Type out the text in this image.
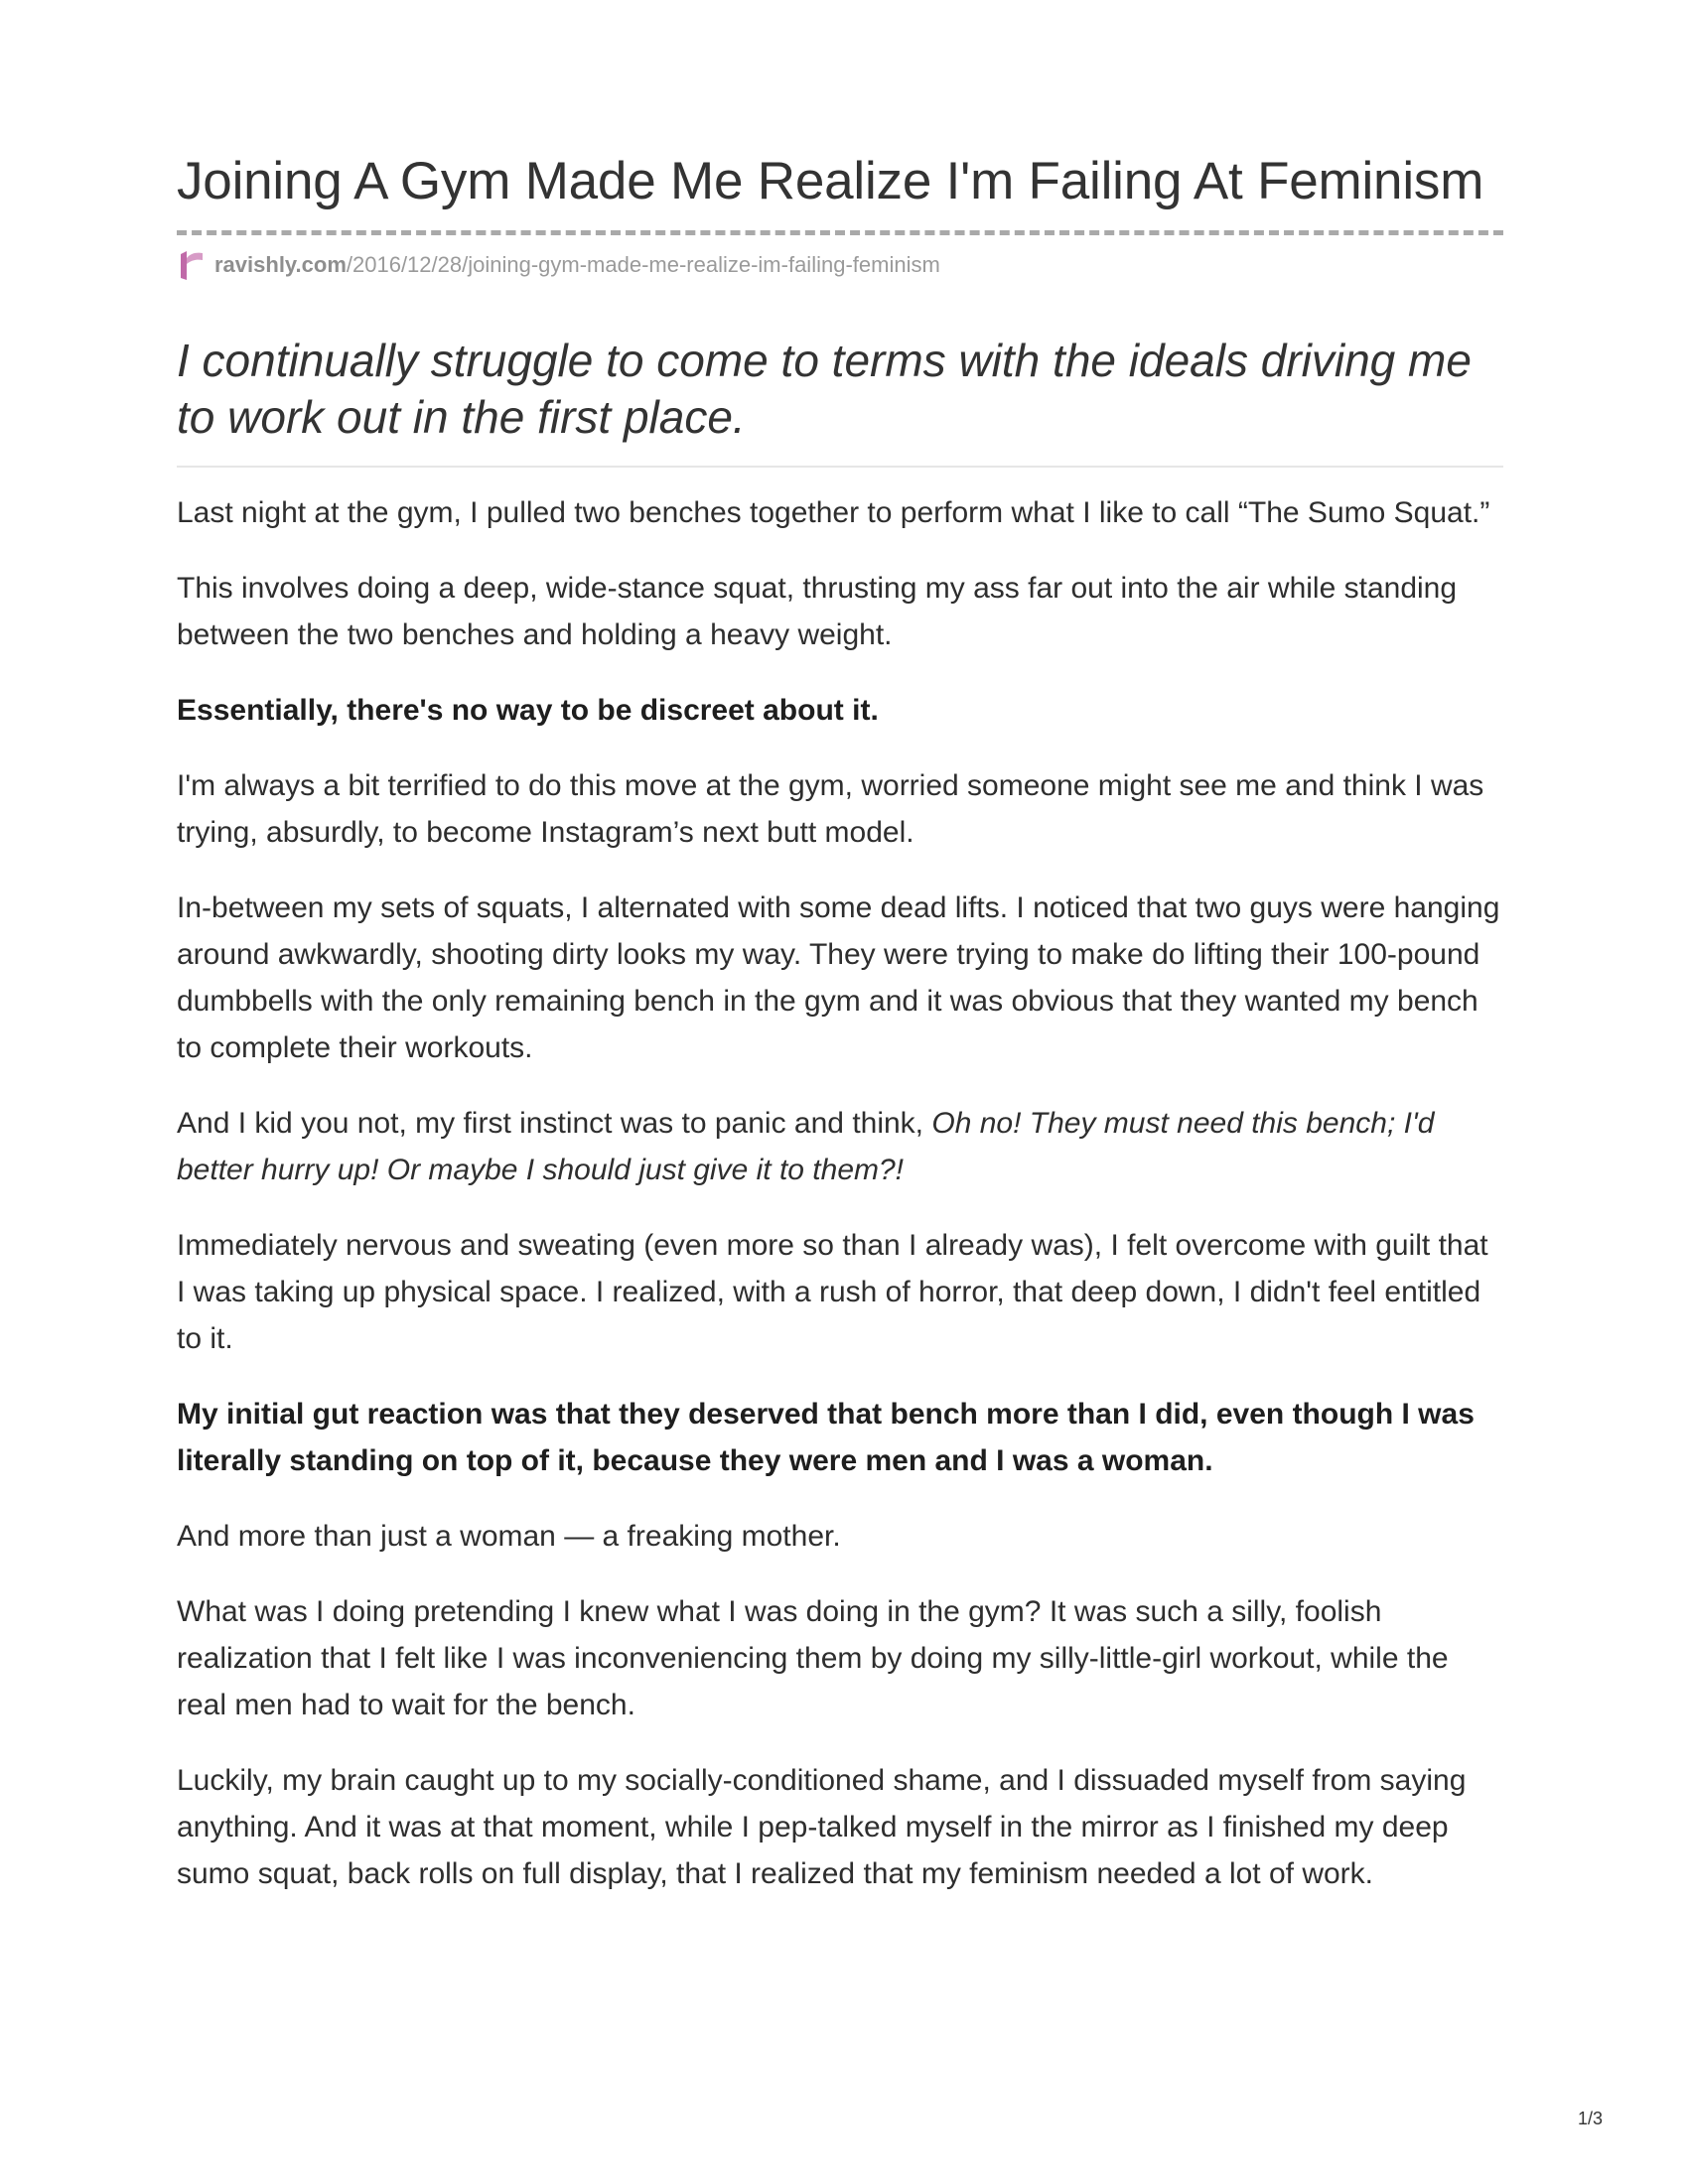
Joining A Gym Made Me Realize I'm Failing At Feminism
ravishly.com/2016/12/28/joining-gym-made-me-realize-im-failing-feminism

I continually struggle to come to terms with the ideals driving me to work out in the first place.

Last night at the gym, I pulled two benches together to perform what I like to call “The Sumo Squat.”

This involves doing a deep, wide-stance squat, thrusting my ass far out into the air while standing between the two benches and holding a heavy weight.

Essentially, there's no way to be discreet about it.

I'm always a bit terrified to do this move at the gym, worried someone might see me and think I was trying, absurdly, to become Instagram’s next butt model.

In-between my sets of squats, I alternated with some dead lifts. I noticed that two guys were hanging around awkwardly, shooting dirty looks my way. They were trying to make do lifting their 100-pound dumbbells with the only remaining bench in the gym and it was obvious that they wanted my bench to complete their workouts.

And I kid you not, my first instinct was to panic and think, Oh no! They must need this bench; I'd better hurry up! Or maybe I should just give it to them?!

Immediately nervous and sweating (even more so than I already was), I felt overcome with guilt that I was taking up physical space. I realized, with a rush of horror, that deep down, I didn't feel entitled to it.

My initial gut reaction was that they deserved that bench more than I did, even though I was literally standing on top of it, because they were men and I was a woman.

And more than just a woman — a freaking mother.

What was I doing pretending I knew what I was doing in the gym? It was such a silly, foolish realization that I felt like I was inconveniencing them by doing my silly-little-girl workout, while the real men had to wait for the bench.

Luckily, my brain caught up to my socially-conditioned shame, and I dissuaded myself from saying anything. And it was at that moment, while I pep-talked myself in the mirror as I finished my deep sumo squat, back rolls on full display, that I realized that my feminism needed a lot of work.

1/3
